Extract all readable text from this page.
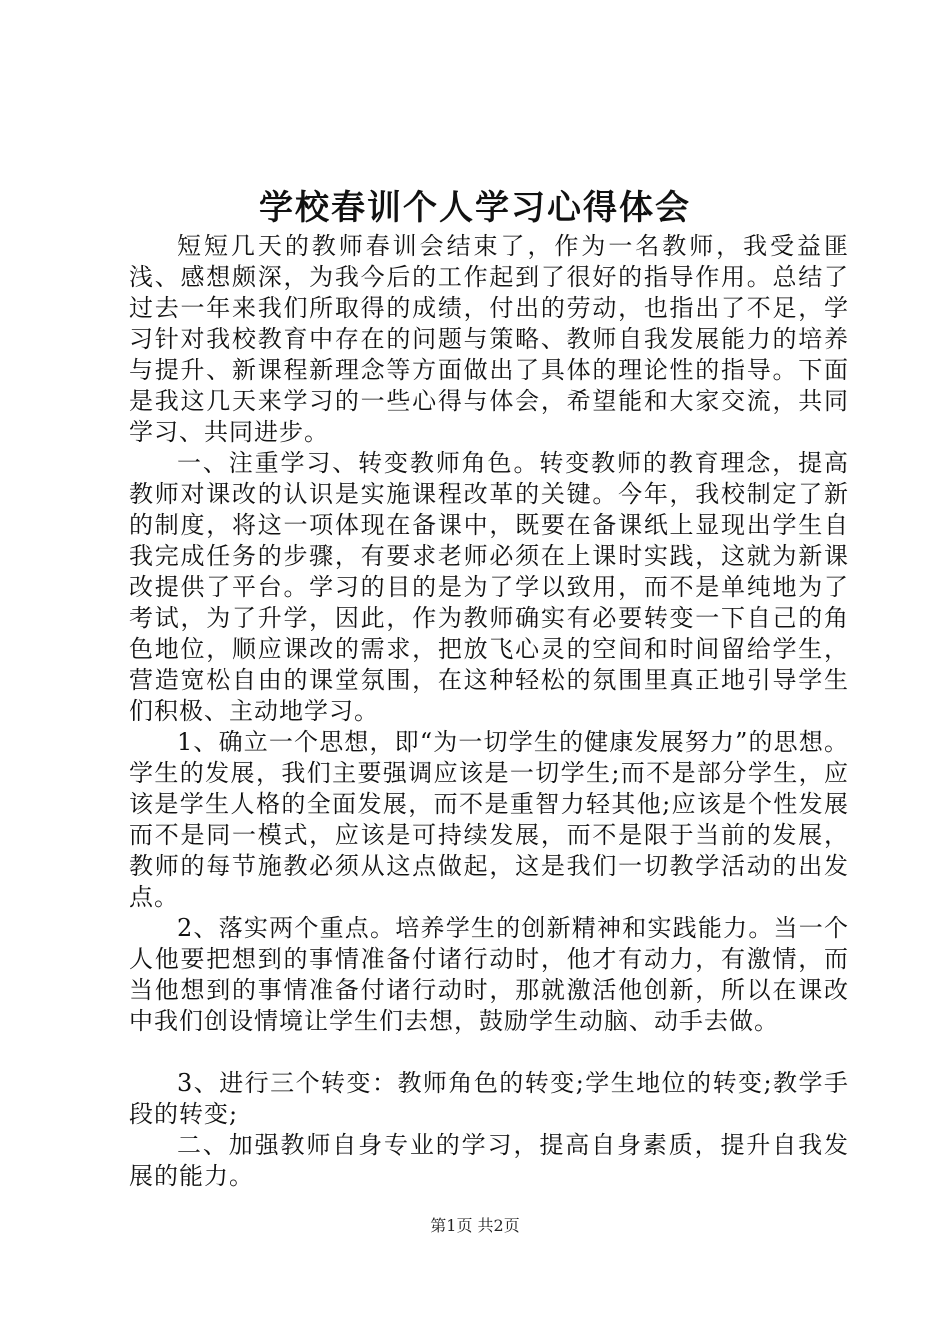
学校春训个人学习心得体会

短短几天的教师春训会结束了，作为一名教师，我受益匪浅、感想颇深，为我今后的工作起到了很好的指导作用。总结了过去一年来我们所取得的成绩，付出的劳动，也指出了不足，学习针对我校教育中存在的问题与策略、教师自我发展能力的培养与提升、新课程新理念等方面做出了具体的理论性的指导。下面是我这几天来学习的一些心得与体会，希望能和大家交流，共同学习、共同进步。

一、注重学习、转变教师角色。转变教师的教育理念，提高教师对课改的认识是实施课程改革的关键。今年，我校制定了新的制度，将这一项体现在备课中，既要在备课纸上显现出学生自我完成任务的步骤，有要求老师必须在上课时实践，这就为新课改提供了平台。学习的目的是为了学以致用，而不是单纯地为了考试，为了升学，因此，作为教师确实有必要转变一下自己的角色地位，顺应课改的需求，把放飞心灵的空间和时间留给学生，营造宽松自由的课堂氛围，在这种轻松的氛围里真正地引导学生们积极、主动地学习。

1、确立一个思想，即“为一切学生的健康发展努力”的思想。学生的发展，我们主要强调应该是一切学生;而不是部分学生，应该是学生人格的全面发展，而不是重智力轻其他;应该是个性发展而不是同一模式，应该是可持续发展，而不是限于当前的发展，教师的每节施教必须从这点做起，这是我们一切教学活动的出发点。

2、落实两个重点。培养学生的创新精神和实践能力。当一个人他要把想到的事情准备付诸行动时，他才有动力，有激情，而当他想到的事情准备付诸行动时，那就激活他创新，所以在课改中我们创设情境让学生们去想，鼓励学生动脑、动手去做。

3、进行三个转变：教师角色的转变;学生地位的转变;教学手段的转变;

二、加强教师自身专业的学习，提高自身素质，提升自我发展的能力。

第1页 共2页
